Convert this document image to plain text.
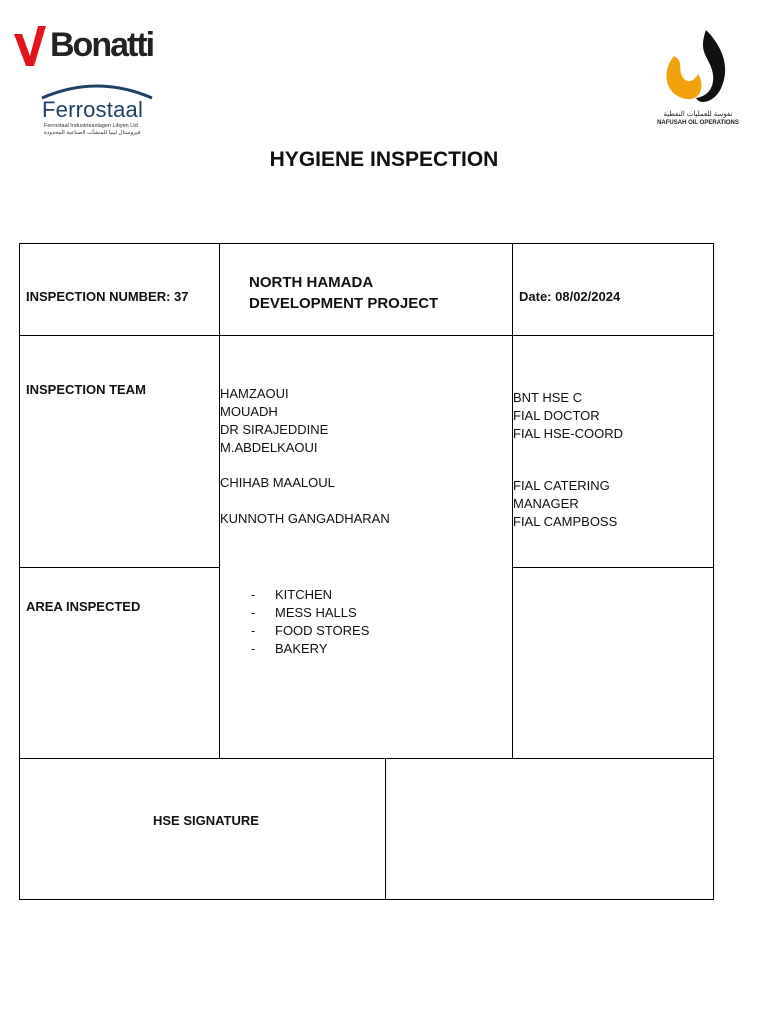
Bonatti
Ferrostaal
Ferrostaal Industrieanlagen Libyen Ltd
فيروستال ليبيا للمنشآت الصناعية المحدودة
نفوسة للعمليات النفطية
NAFUSAH OIL OPERATIONS
HYGIENE INSPECTION
INSPECTION NUMBER: 37
NORTH HAMADA
DEVELOPMENT PROJECT	Date: 08/02/2024
INSPECTION TEAM	HAMZAOUI
MOUADH
DR SIRAJEDDINE
M.ABDELKAOUI
CHIHAB MAALOUL
KUNNOTH GANGADHARAN
BNT HSE C
FIAL DOCTOR
FIAL HSE-COORD
FIAL CATERING
MANAGER
FIAL CAMPBOSS
AREA INSPECTED
- KITCHEN
- MESS HALLS
- FOOD STORES
- BAKERY
HSE SIGNATURE
